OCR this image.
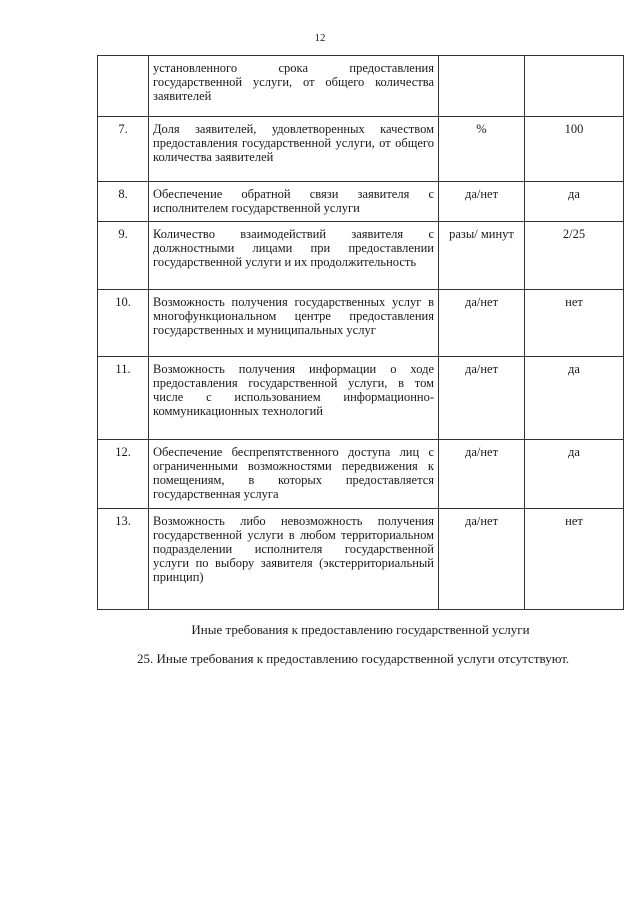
12
	установленного срока предоставления государственной услуги, от общего количества заявителей		
7.	Доля заявителей, удовлетворенных качеством предоставления государственной услуги, от общего количества заявителей	%	100
8.	Обеспечение обратной связи заявителя с исполнителем государственной услуги	да/нет	да
9.	Количество взаимодействий заявителя с должностными лицами при предоставлении государственной услуги и их продолжительность	разы/ минут	2/25
10.	Возможность получения государственных услуг в многофункциональном центре предоставления государственных и муниципальных услуг	да/нет	нет
11.	Возможность получения информации о ходе предоставления государственной услуги, в том числе с использованием информационно-коммуникационных технологий	да/нет	да
12.	Обеспечение беспрепятственного доступа лиц с ограниченными возможностями передвижения к помещениям, в которых предоставляется государственная услуга	да/нет	да
13.	Возможность либо невозможность получения государственной услуги в любом территориальном подразделении исполнителя государственной услуги по выбору заявителя (экстерриториальный принцип)	да/нет	нет
Иные требования к предоставлению государственной услуги
25. Иные требования к предоставлению государственной услуги отсутствуют.
